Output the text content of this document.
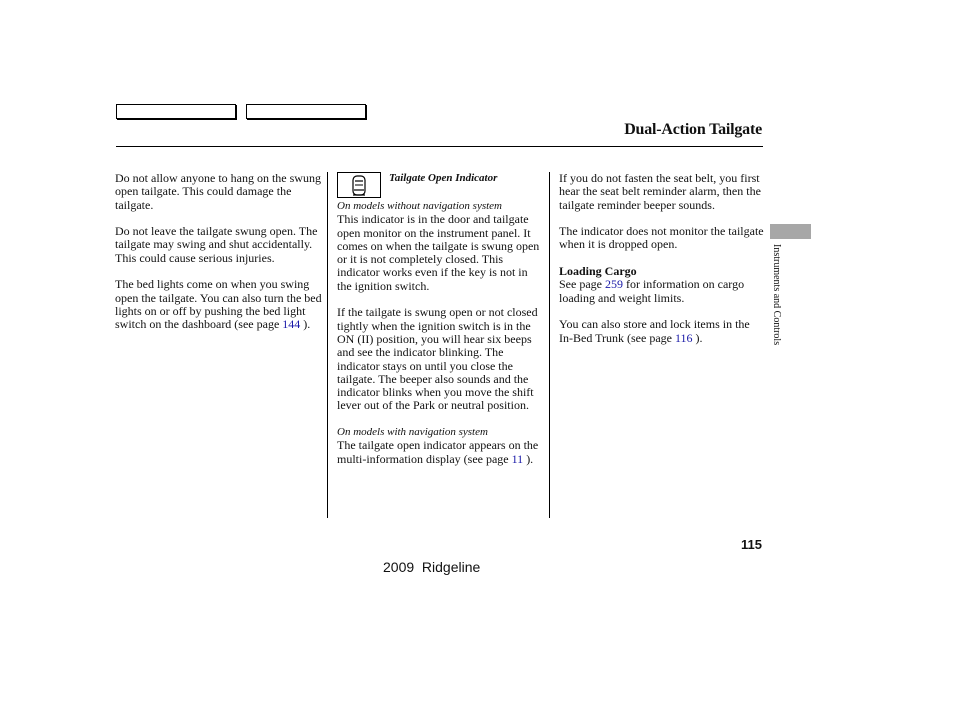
Dual-Action Tailgate

Do not allow anyone to hang on the swung open tailgate. This could damage the tailgate.

Do not leave the tailgate swung open. The tailgate may swing and shut accidentally. This could cause serious injuries.

The bed lights come on when you swing open the tailgate. You can also turn the bed lights on or off by pushing the bed light switch on the dashboard (see page 144 ).

Tailgate Open Indicator

On models without navigation system

This indicator is in the door and tailgate open monitor on the instrument panel. It comes on when the tailgate is swung open or it is not completely closed. This indicator works even if the key is not in the ignition switch.

If the tailgate is swung open or not closed tightly when the ignition switch is in the ON (II) position, you will hear six beeps and see the indicator blinking. The indicator stays on until you close the tailgate. The beeper also sounds and the indicator blinks when you move the shift lever out of the Park or neutral position.

On models with navigation system

The tailgate open indicator appears on the multi-information display (see page 11 ).

If you do not fasten the seat belt, you first hear the seat belt reminder alarm, then the tailgate reminder beeper sounds.

The indicator does not monitor the tailgate when it is dropped open.

Loading Cargo

See page 259 for information on cargo loading and weight limits.

You can also store and lock items in the In-Bed Trunk (see page 116 ).	Instruments and Controls
115
2009  Ridgeline
